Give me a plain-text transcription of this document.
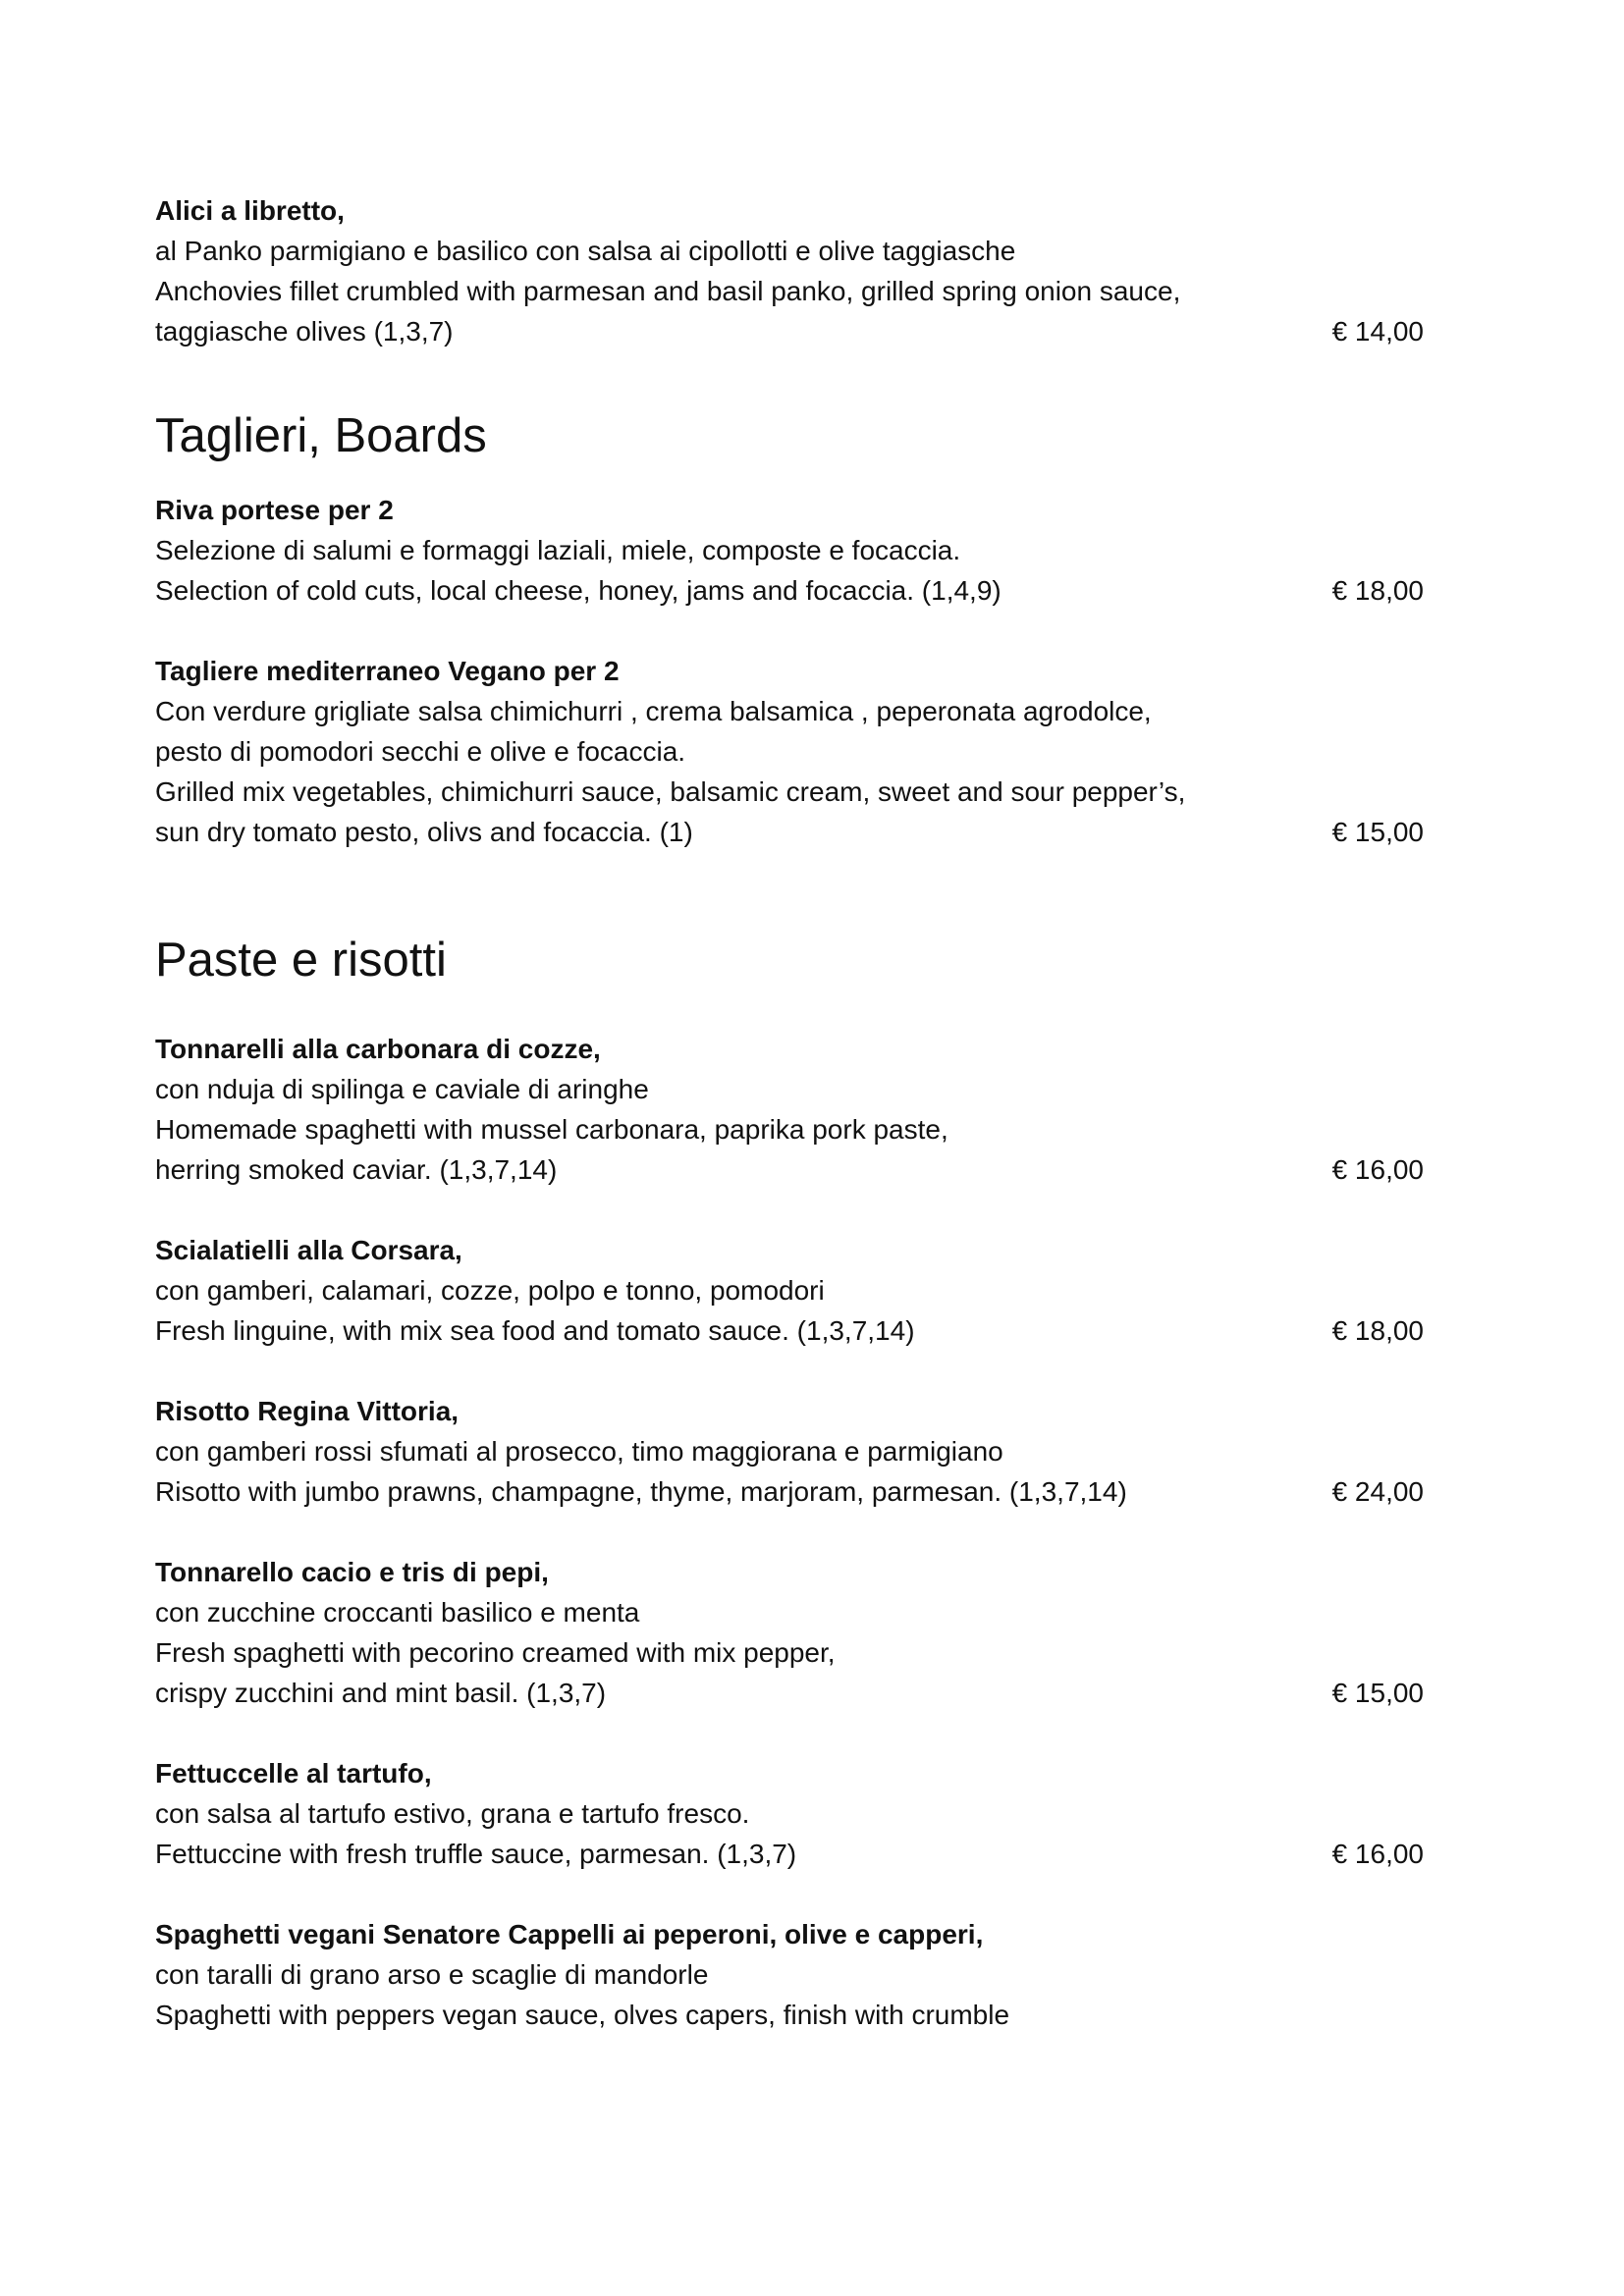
Alici a libretto,
al Panko parmigiano e basilico con salsa ai cipollotti e olive taggiasche
Anchovies fillet crumbled with parmesan and basil panko, grilled spring onion sauce,
taggiasche olives (1,3,7)	€ 14,00
Taglieri, Boards
Riva portese per 2
Selezione di salumi e formaggi laziali, miele, composte e focaccia.
Selection of cold cuts, local cheese, honey, jams and focaccia. (1,4,9)	€ 18,00
Tagliere mediterraneo Vegano per 2
Con verdure grigliate salsa chimichurri , crema balsamica , peperonata agrodolce,
pesto di pomodori secchi e olive e focaccia.
Grilled mix vegetables, chimichurri sauce, balsamic cream, sweet and sour pepper’s,
sun dry tomato pesto, olivs and focaccia. (1)	€ 15,00
Paste e risotti
Tonnarelli alla carbonara di cozze,
con nduja di spilinga e caviale di aringhe
Homemade spaghetti with mussel carbonara, paprika pork paste,
herring smoked caviar. (1,3,7,14)	€ 16,00
Scialatielli alla Corsara,
con gamberi, calamari, cozze, polpo e tonno, pomodori
Fresh linguine, with mix sea food and tomato sauce. (1,3,7,14)	€ 18,00
Risotto Regina Vittoria,
con gamberi rossi sfumati al prosecco, timo maggiorana e parmigiano
Risotto with jumbo prawns, champagne, thyme, marjoram, parmesan. (1,3,7,14)	€ 24,00
Tonnarello cacio e tris di pepi,
con zucchine croccanti basilico e menta
Fresh spaghetti with pecorino creamed with mix pepper,
crispy zucchini and mint basil. (1,3,7)	€ 15,00
Fettuccelle al tartufo,
con salsa al tartufo estivo, grana e tartufo fresco.
Fettuccine with fresh truffle sauce, parmesan. (1,3,7)	€ 16,00
Spaghetti vegani Senatore Cappelli ai peperoni, olive e capperi,
con taralli di grano arso e scaglie di mandorle
Spaghetti with peppers vegan sauce, olves capers, finish with crumble
